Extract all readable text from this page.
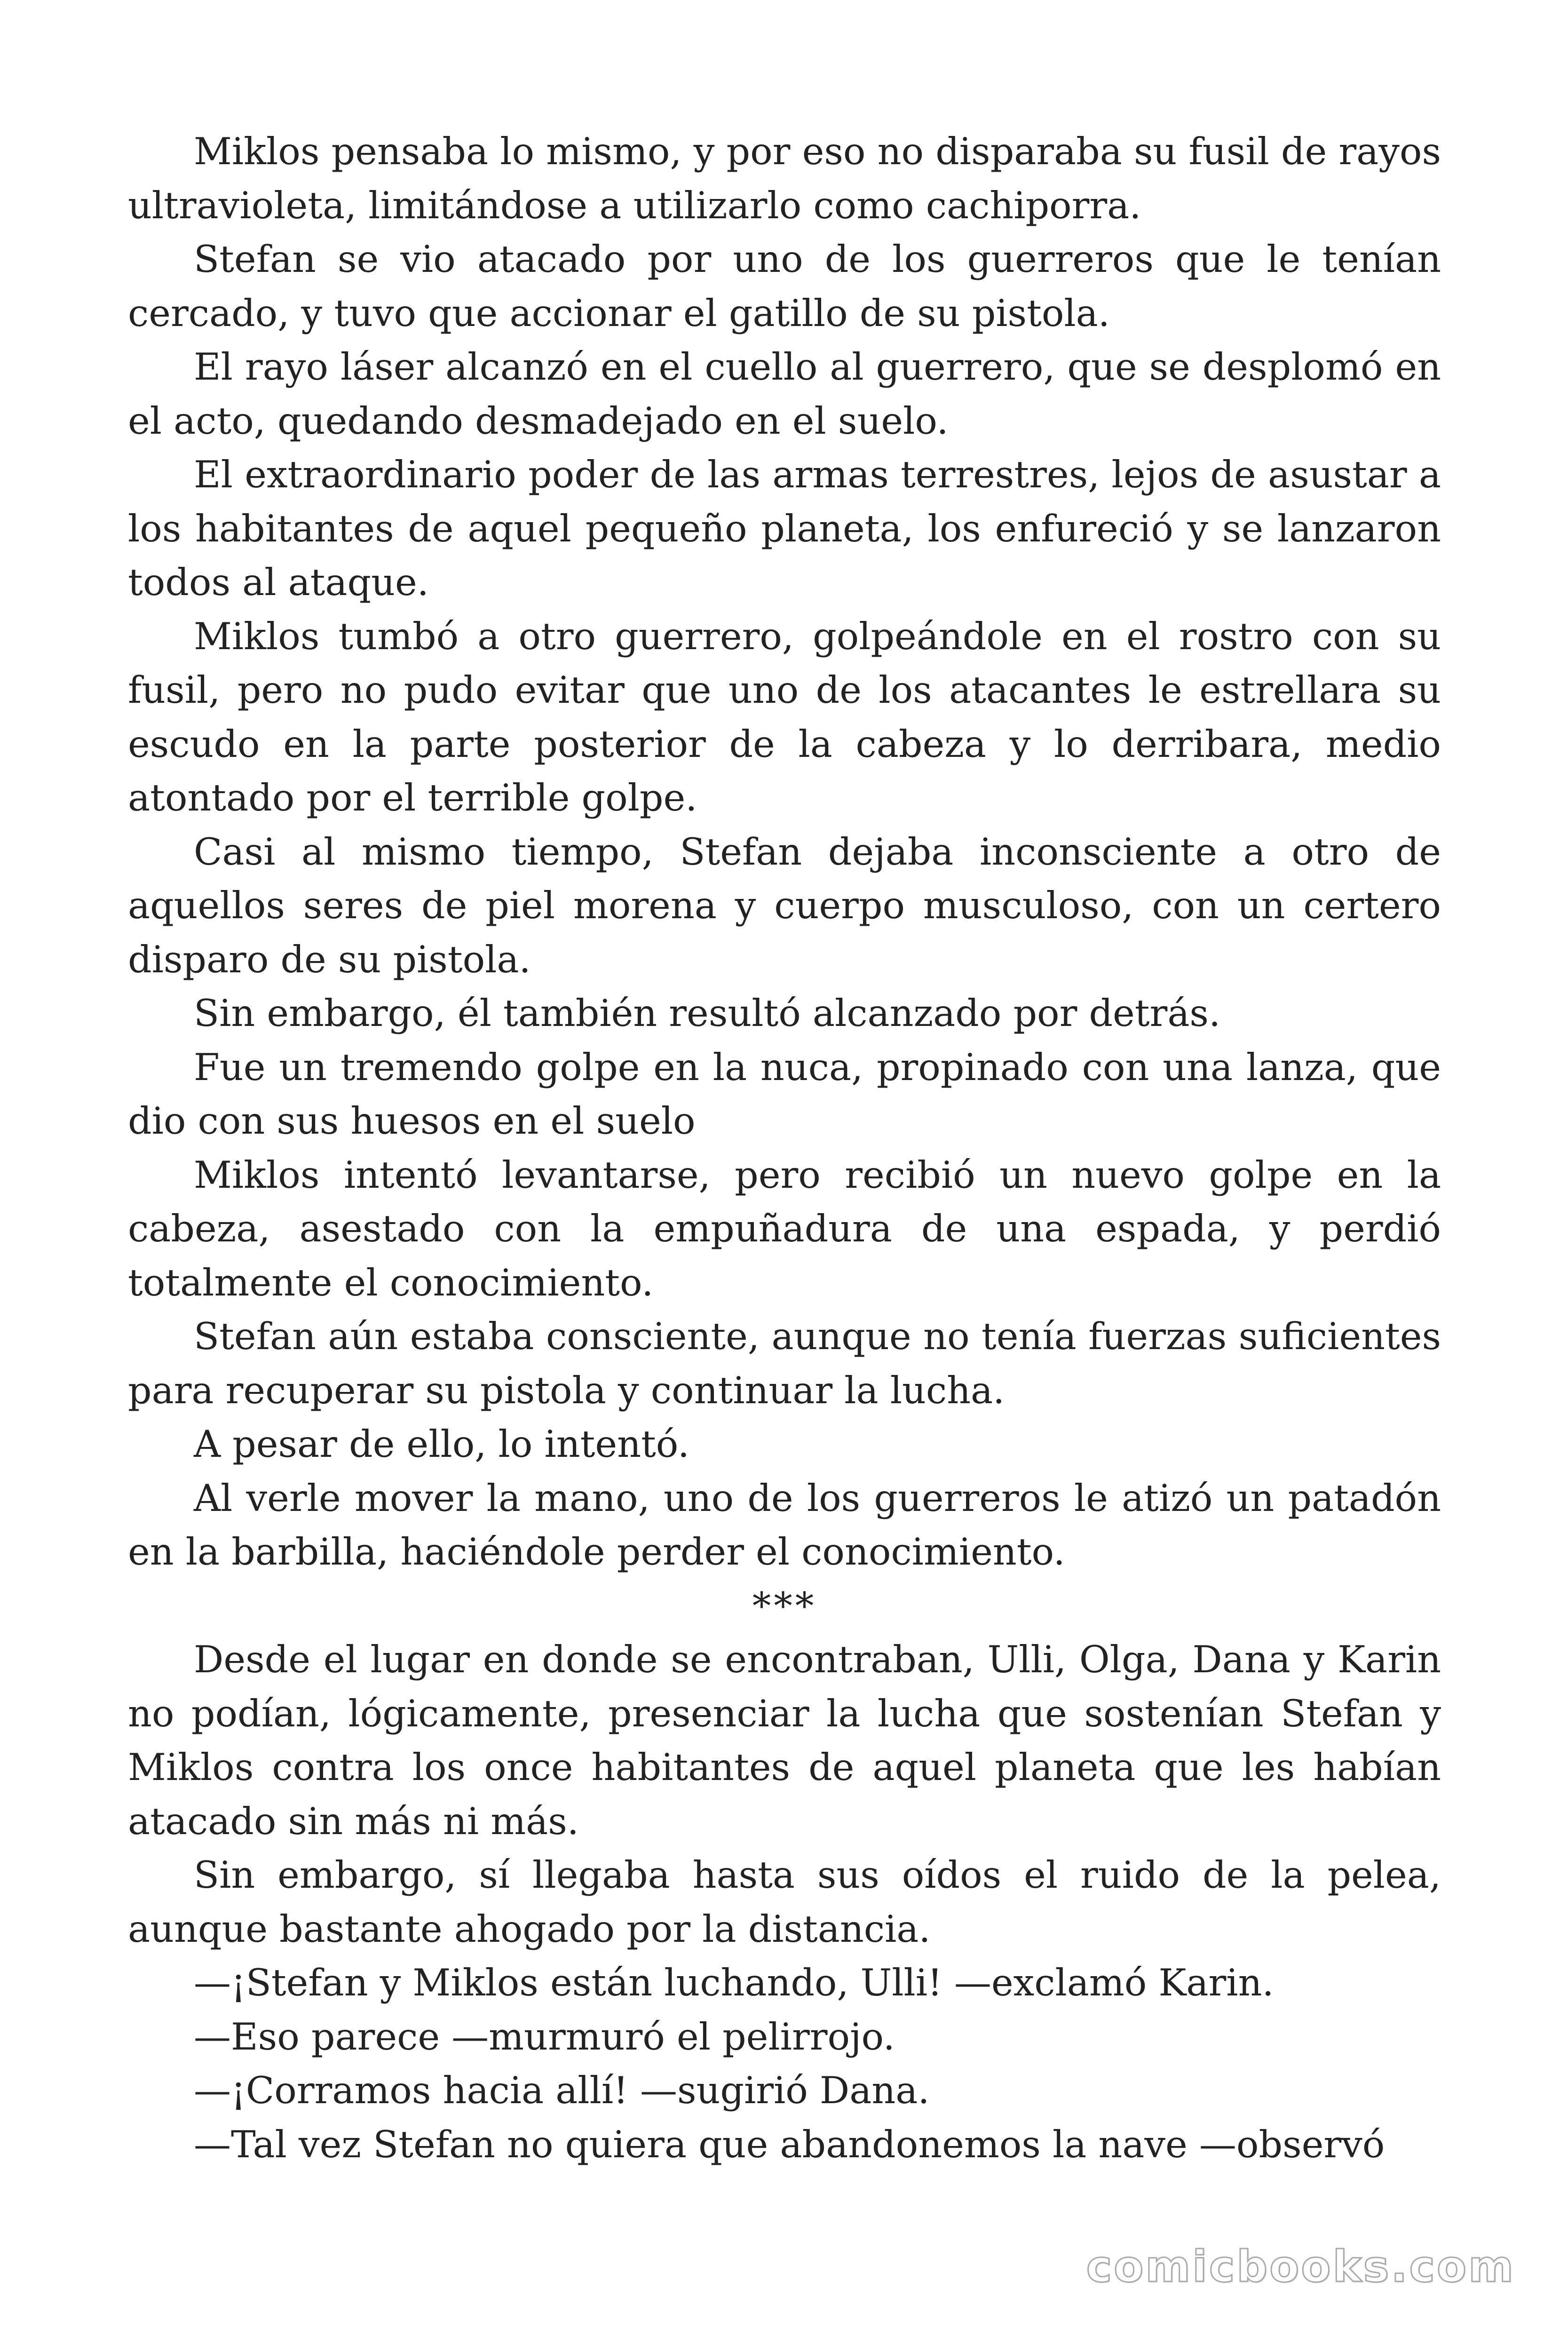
Miklos pensaba lo mismo, y por eso no disparaba su fusil de rayos ultravioleta, limitándose a utilizarlo como cachiporra.

Stefan se vio atacado por uno de los guerreros que le tenían cercado, y tuvo que accionar el gatillo de su pistola.

El rayo láser alcanzó en el cuello al guerrero, que se desplomó en el acto, quedando desmadejado en el suelo.

El extraordinario poder de las armas terrestres, lejos de asustar a los habitantes de aquel pequeño planeta, los enfureció y se lanzaron todos al ataque.

Miklos tumbó a otro guerrero, golpeándole en el rostro con su fusil, pero no pudo evitar que uno de los atacantes le estrellara su escudo en la parte posterior de la cabeza y lo derribara, medio atontado por el terrible golpe.

Casi al mismo tiempo, Stefan dejaba inconsciente a otro de aquellos seres de piel morena y cuerpo musculoso, con un certero disparo de su pistola.

Sin embargo, él también resultó alcanzado por detrás.

Fue un tremendo golpe en la nuca, propinado con una lanza, que dio con sus huesos en el suelo

Miklos intentó levantarse, pero recibió un nuevo golpe en la cabeza, asestado con la empuñadura de una espada, y perdió totalmente el conocimiento.

Stefan aún estaba consciente, aunque no tenía fuerzas suficientes para recuperar su pistola y continuar la lucha.

A pesar de ello, lo intentó.

Al verle mover la mano, uno de los guerreros le atizó un patadón en la barbilla, haciéndole perder el conocimiento.

***

Desde el lugar en donde se encontraban, Ulli, Olga, Dana y Karin no podían, lógicamente, presenciar la lucha que sostenían Stefan y Miklos contra los once habitantes de aquel planeta que les habían atacado sin más ni más.

Sin embargo, sí llegaba hasta sus oídos el ruido de la pelea, aunque bastante ahogado por la distancia.

—¡Stefan y Miklos están luchando, Ulli! —exclamó Karin.

—Eso parece —murmuró el pelirrojo.

—¡Corramos hacia allí! —sugirió Dana.

—Tal vez Stefan no quiera que abandonemos la nave —observó

comicbooks.com
